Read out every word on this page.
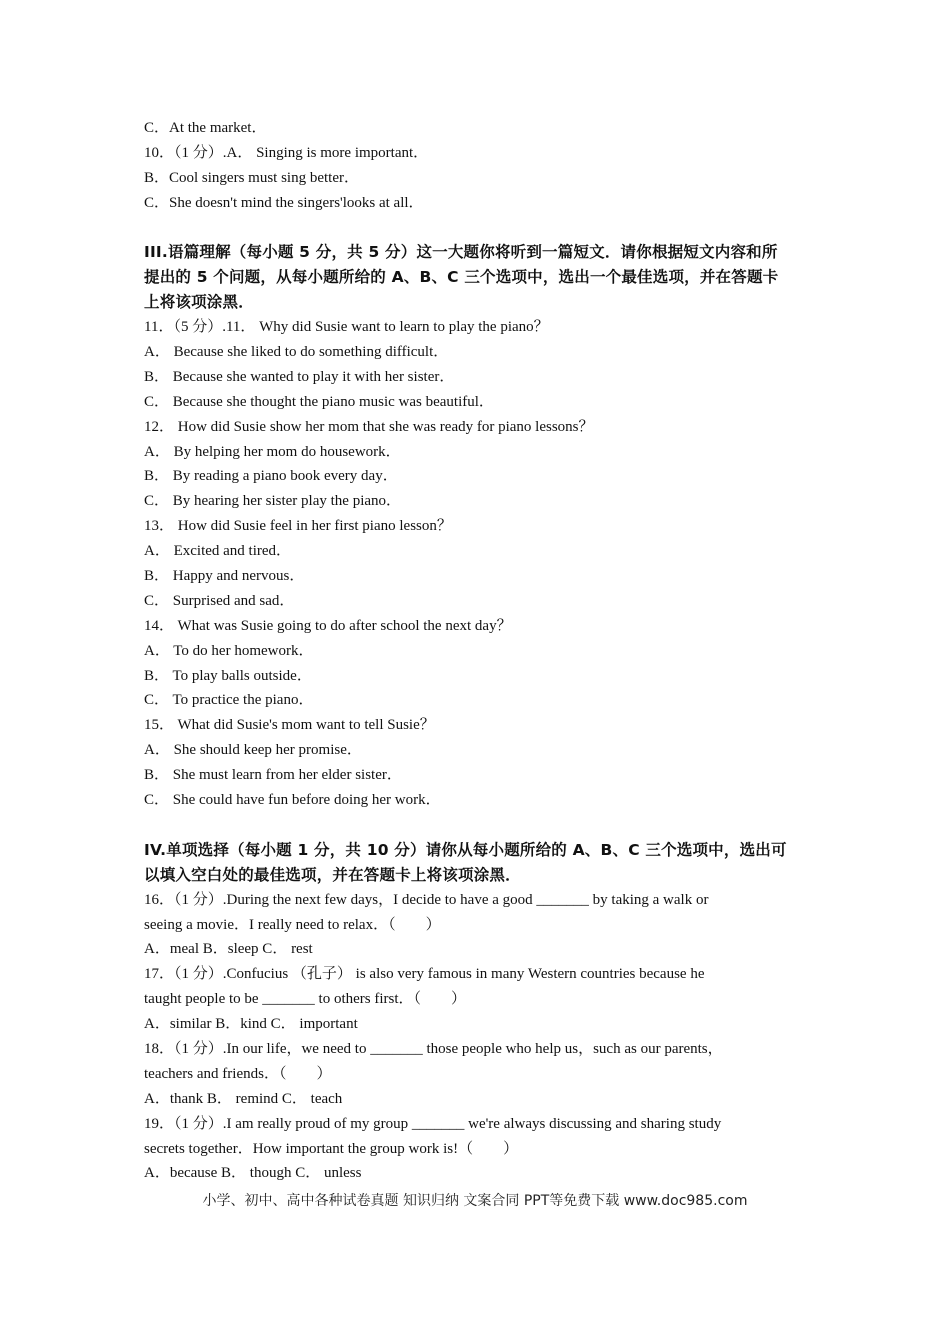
C．At the market．
10．（1 分）.A． Singing is more important．
B．Cool singers must sing better．
C．She doesn't mind the singers'looks at all．
III.语篇理解（每小题 5 分，共 5 分）这一大题你将听到一篇短文．请你根据短文内容和所
提出的 5 个问题，从每小题所给的 A、B、C 三个选项中，选出一个最佳选项，并在答题卡
上将该项涂黑．
11．（5 分）.11． Why did Susie want to learn to play the piano？
A． Because she liked to do something difficult．
B． Because she wanted to play it with her sister．
C． Because she thought the piano music was beautiful．
12． How did Susie show her mom that she was ready for piano lessons？
A． By helping her mom do housework．
B． By reading a piano book every day．
C． By hearing her sister play the piano．
13． How did Susie feel in her first piano lesson？
A． Excited and tired．
B． Happy and nervous．
C． Surprised and sad．
14． What was Susie going to do after school the next day？
A． To do her homework．
B． To play balls outside．
C． To practice the piano．
15． What did Susie's mom want to tell Susie？
A． She should keep her promise．
B． She must learn from her elder sister．
C． She could have fun before doing her work．
IV.单项选择（每小题 1 分，共 10 分）请你从每小题所给的 A、B、C 三个选项中，选出可
以填入空白处的最佳选项，并在答题卡上将该项涂黑．
16．（1 分）.During the next few days，I decide to have a good _______ by taking a walk or
seeing a movie．I really need to relax．（　　）
A．meal B．sleep C． rest
17．（1 分）.Confucius （孔子） is also very famous in many Western countries because he
taught people to be _______ to others first．（　　）
A．similar B．kind C． important
18．（1 分）.In our life，we need to _______ those people who help us，such as our parents，
teachers and friends．（　　）
A．thank B． remind C． teach
19．（1 分）.I am really proud of my group _______ we're always discussing and sharing study
secrets together．How important the group work is!（　　）
A．because B． though C． unless
小学、初中、高中各种试卷真题 知识归纳 文案合同 PPT等免费下载 www.doc985.com
